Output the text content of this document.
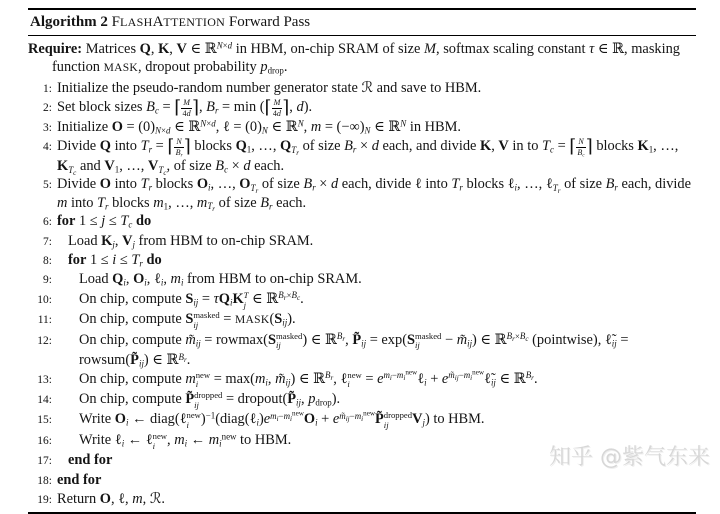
Algorithm 2 FLASHATTENTION Forward Pass
Require: Matrices Q, K, V ∈ ℝ$^{N\times d}$ in HBM, on-chip SRAM of size M, softmax scaling constant τ ∈ ℝ, masking function MASK, dropout probability $p_{drop}$.
1: Initialize the pseudo-random number generator state ℛ and save to HBM.
2: Set block sizes $B_c$ = ⌈ $\frac{M}{4d}$ ⌉, $B_r = \min$ (⌈ $\frac{M}{4d}$ ⌉, d).
3: Initialize $O = (0)_{N\times d}$ ∈ ℝ$^{N\times d}$, ℓ = $(0)_N$ ∈ ℝ$^N$, $m = (-\infty)_N$ ∈ ℝ$^N$ in HBM.
4: Divide Q into $T_r$ = ⌈ $\frac{N}{B_r}$ ⌉ blocks $Q_1$, …, $Q_{T_r}$ of size $B_r \times d$ each, and divide K, V in to $T_c$ = ⌈ $\frac{N}{B_c}$ ⌉ blocks $K_1$, …, $K_{T_c}$ and $V_1$, …, $V_{T_c}$, of size $B_c \times d$ each.
5: Divide O into $T_r$ blocks $O_i$, …, $O_{T_r}$ of size $B_r \times d$ each, divide ℓ into $T_r$ blocks ℓ$_i$, …, ℓ$_{T_r}$ of size $B_r$ each, divide m into $T_r$ blocks $m_1$, …, $m_{T_r}$ of size $B_r$ each.
6: for $1 \le j \le T_c$ do
7:	Load $K_j$, $V_j$ from HBM to on-chip SRAM.
8:	for $1 \le i \le T_r$ do
9:	Load $Q_i$, $O_i$, ℓ$_i$, $m_i$ from HBM to on-chip SRAM.
10:	On chip, compute $S_{ij} = \tau Q_iK$ T
j ∈ ℝ$^{B_r\times B_c}$.
11:	On chip, compute S masked
ij	= $MASK(S_{ij})$.
12:	On chip, compute $m̃_{ij} = rowmax(S$ masked
ij	) ∈ ℝ$^{B_r}$, $P̃_{ij} = \exp(S$ masked
ij	− $m̃_{ij}$) ∈ ℝ$^{B_r\times B_c}$ (pointwise), $\ell̃_{ij}$ = $rowsum(P̃_{ij})$ ∈ ℝ$^{B_r}$.
13:	On chip, compute m new
$i = \max(m_i$, $m̃_{ij}$) ∈ ℝ$^{B_r}$, ℓ new
$i = e^{m_i-m_i^{new}}\ell_i$ + $e^{m̃_{ij}-m_i^{new}}\ell̃_{ij}$ ∈ ℝ$^{B_r}$.
14:	On chip, compute P̃ dropped
ij	= $dropout(P̃_{ij}$, $p_{drop}$).
15:	Write $O_i$ ← diag(ℓ new
i )$^{-1}(diag(\ell_i)e^{m_i-m_i^{new}}O_i$ + $e^{m̃_{ij}-m_i^{new}}P̃$ dropped
ij	$V_j$) to HBM.
16:	Write ℓ$_i$ ← ℓ new
i , $m_i$ ← $m_i^{new}$ to HBM.
17:	end for
18: end for
19: Return O, ℓ, m, ℛ.
知乎 @紫气东来
